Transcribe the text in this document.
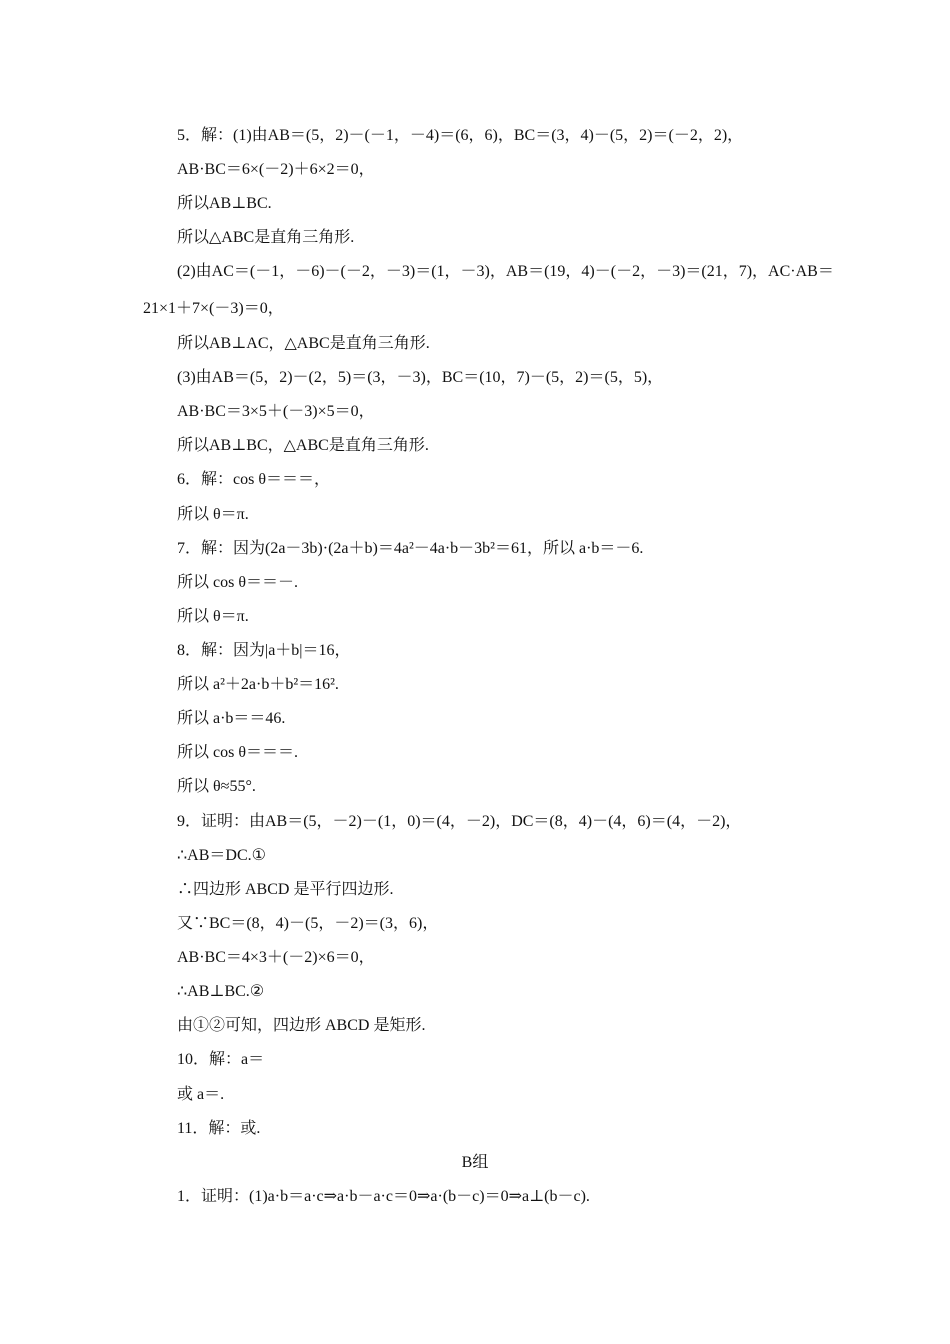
5．解：(1)由AB＝(5，2)－(－1，－4)＝(6，6)，BC＝(3，4)－(5，2)＝(－2，2)，
AB·BC＝6×(－2)＋6×2＝0，
所以AB⊥BC.
所以△ABC是直角三角形.
(2)由AC＝(－1，－6)－(－2，－3)＝(1，－3)，AB＝(19，4)－(－2，－3)＝(21，7)，AC·AB＝
21×1＋7×(－3)＝0，
所以AB⊥AC，△ABC是直角三角形.
(3)由AB＝(5，2)－(2，5)＝(3，－3)，BC＝(10，7)－(5，2)＝(5，5)，
AB·BC＝3×5＋(－3)×5＝0，
所以AB⊥BC，△ABC是直角三角形.
6．解：cos θ＝＝＝，
所以 θ＝π.
7．解：因为(2a－3b)·(2a＋b)＝4a²－4a·b－3b²＝61，所以 a·b＝－6.
所以 cos θ＝＝－.
所以 θ＝π.
8．解：因为|a＋b|＝16，
所以 a²＋2a·b＋b²＝16².
所以 a·b＝＝46.
所以 cos θ＝＝＝.
所以 θ≈55°.
9．证明：由AB＝(5，－2)－(1，0)＝(4，－2)，DC＝(8，4)－(4，6)＝(4，－2)，
∴AB＝DC.①
∴四边形 ABCD 是平行四边形.
又∵BC＝(8，4)－(5，－2)＝(3，6)，
AB·BC＝4×3＋(－2)×6＝0，
∴AB⊥BC.②
由①②可知，四边形 ABCD 是矩形.
10．解：a＝
或 a＝.
11．解：或.
B组
1．证明：(1)a·b＝a·c⇒a·b－a·c＝0⇒a·(b－c)＝0⇒a⊥(b－c).
